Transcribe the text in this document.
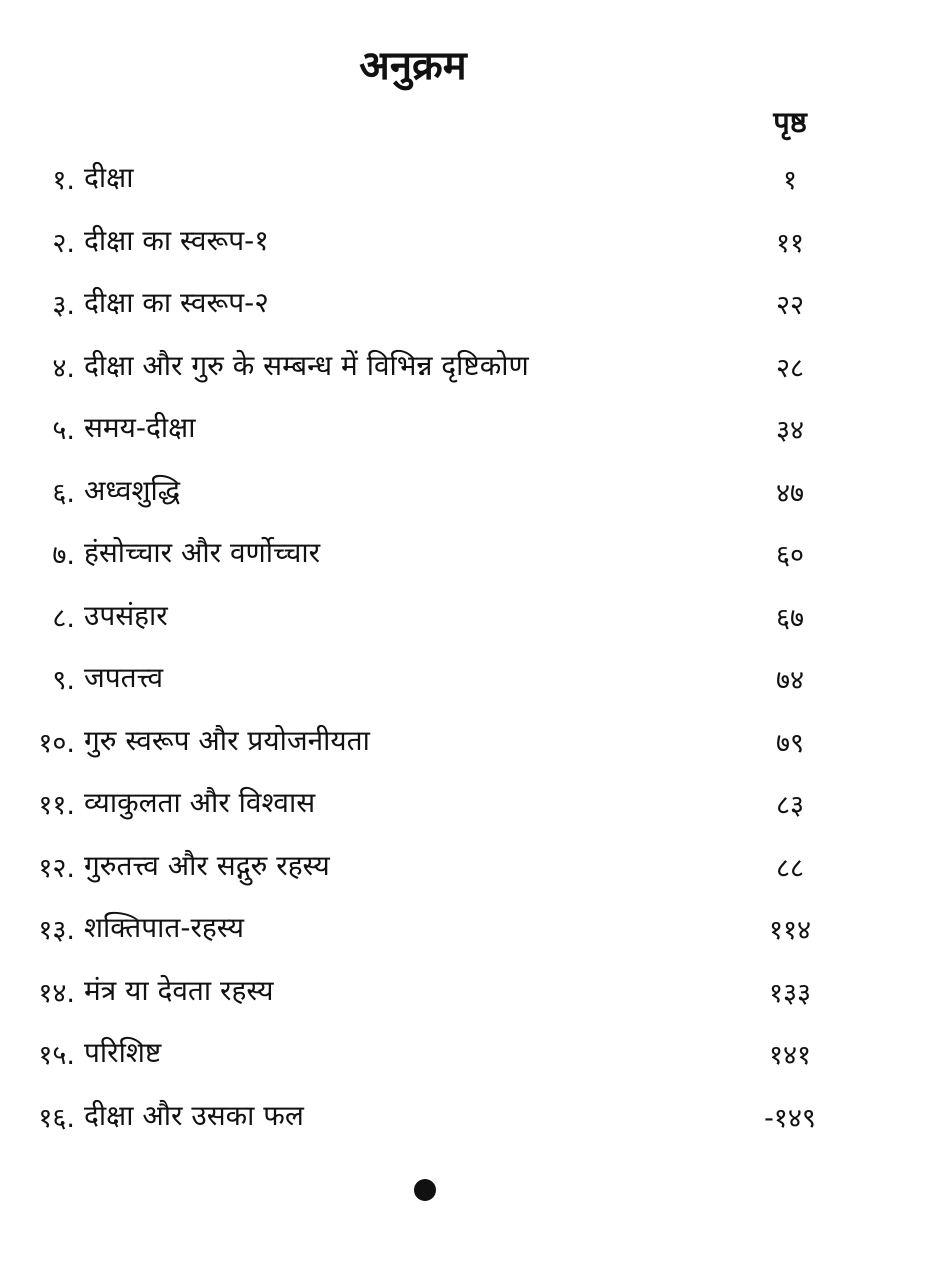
अनुक्रम
पृष्ठ
१. दीक्षा	१
२. दीक्षा का स्वरूप-१	११
३. दीक्षा का स्वरूप-२	२२
४. दीक्षा और गुरु के सम्बन्ध में विभिन्न दृष्टिकोण	२८
५. समय-दीक्षा	३४
६. अध्वशुद्धि	४७
७. हंसोच्चार और वर्णोच्चार	६०
८. उपसंहार	६७
९. जपतत्त्व	७४
१०. गुरु स्वरूप और प्रयोजनीयता	७९
११. व्याकुलता और विश्वास	८३
१२. गुरुतत्त्व और सद्गुरु रहस्य	८८
१३. शक्तिपात-रहस्य	११४
१४. मंत्र या देवता रहस्य	१३३
१५. परिशिष्ट	१४१
१६. दीक्षा और उसका फल	-१४९
